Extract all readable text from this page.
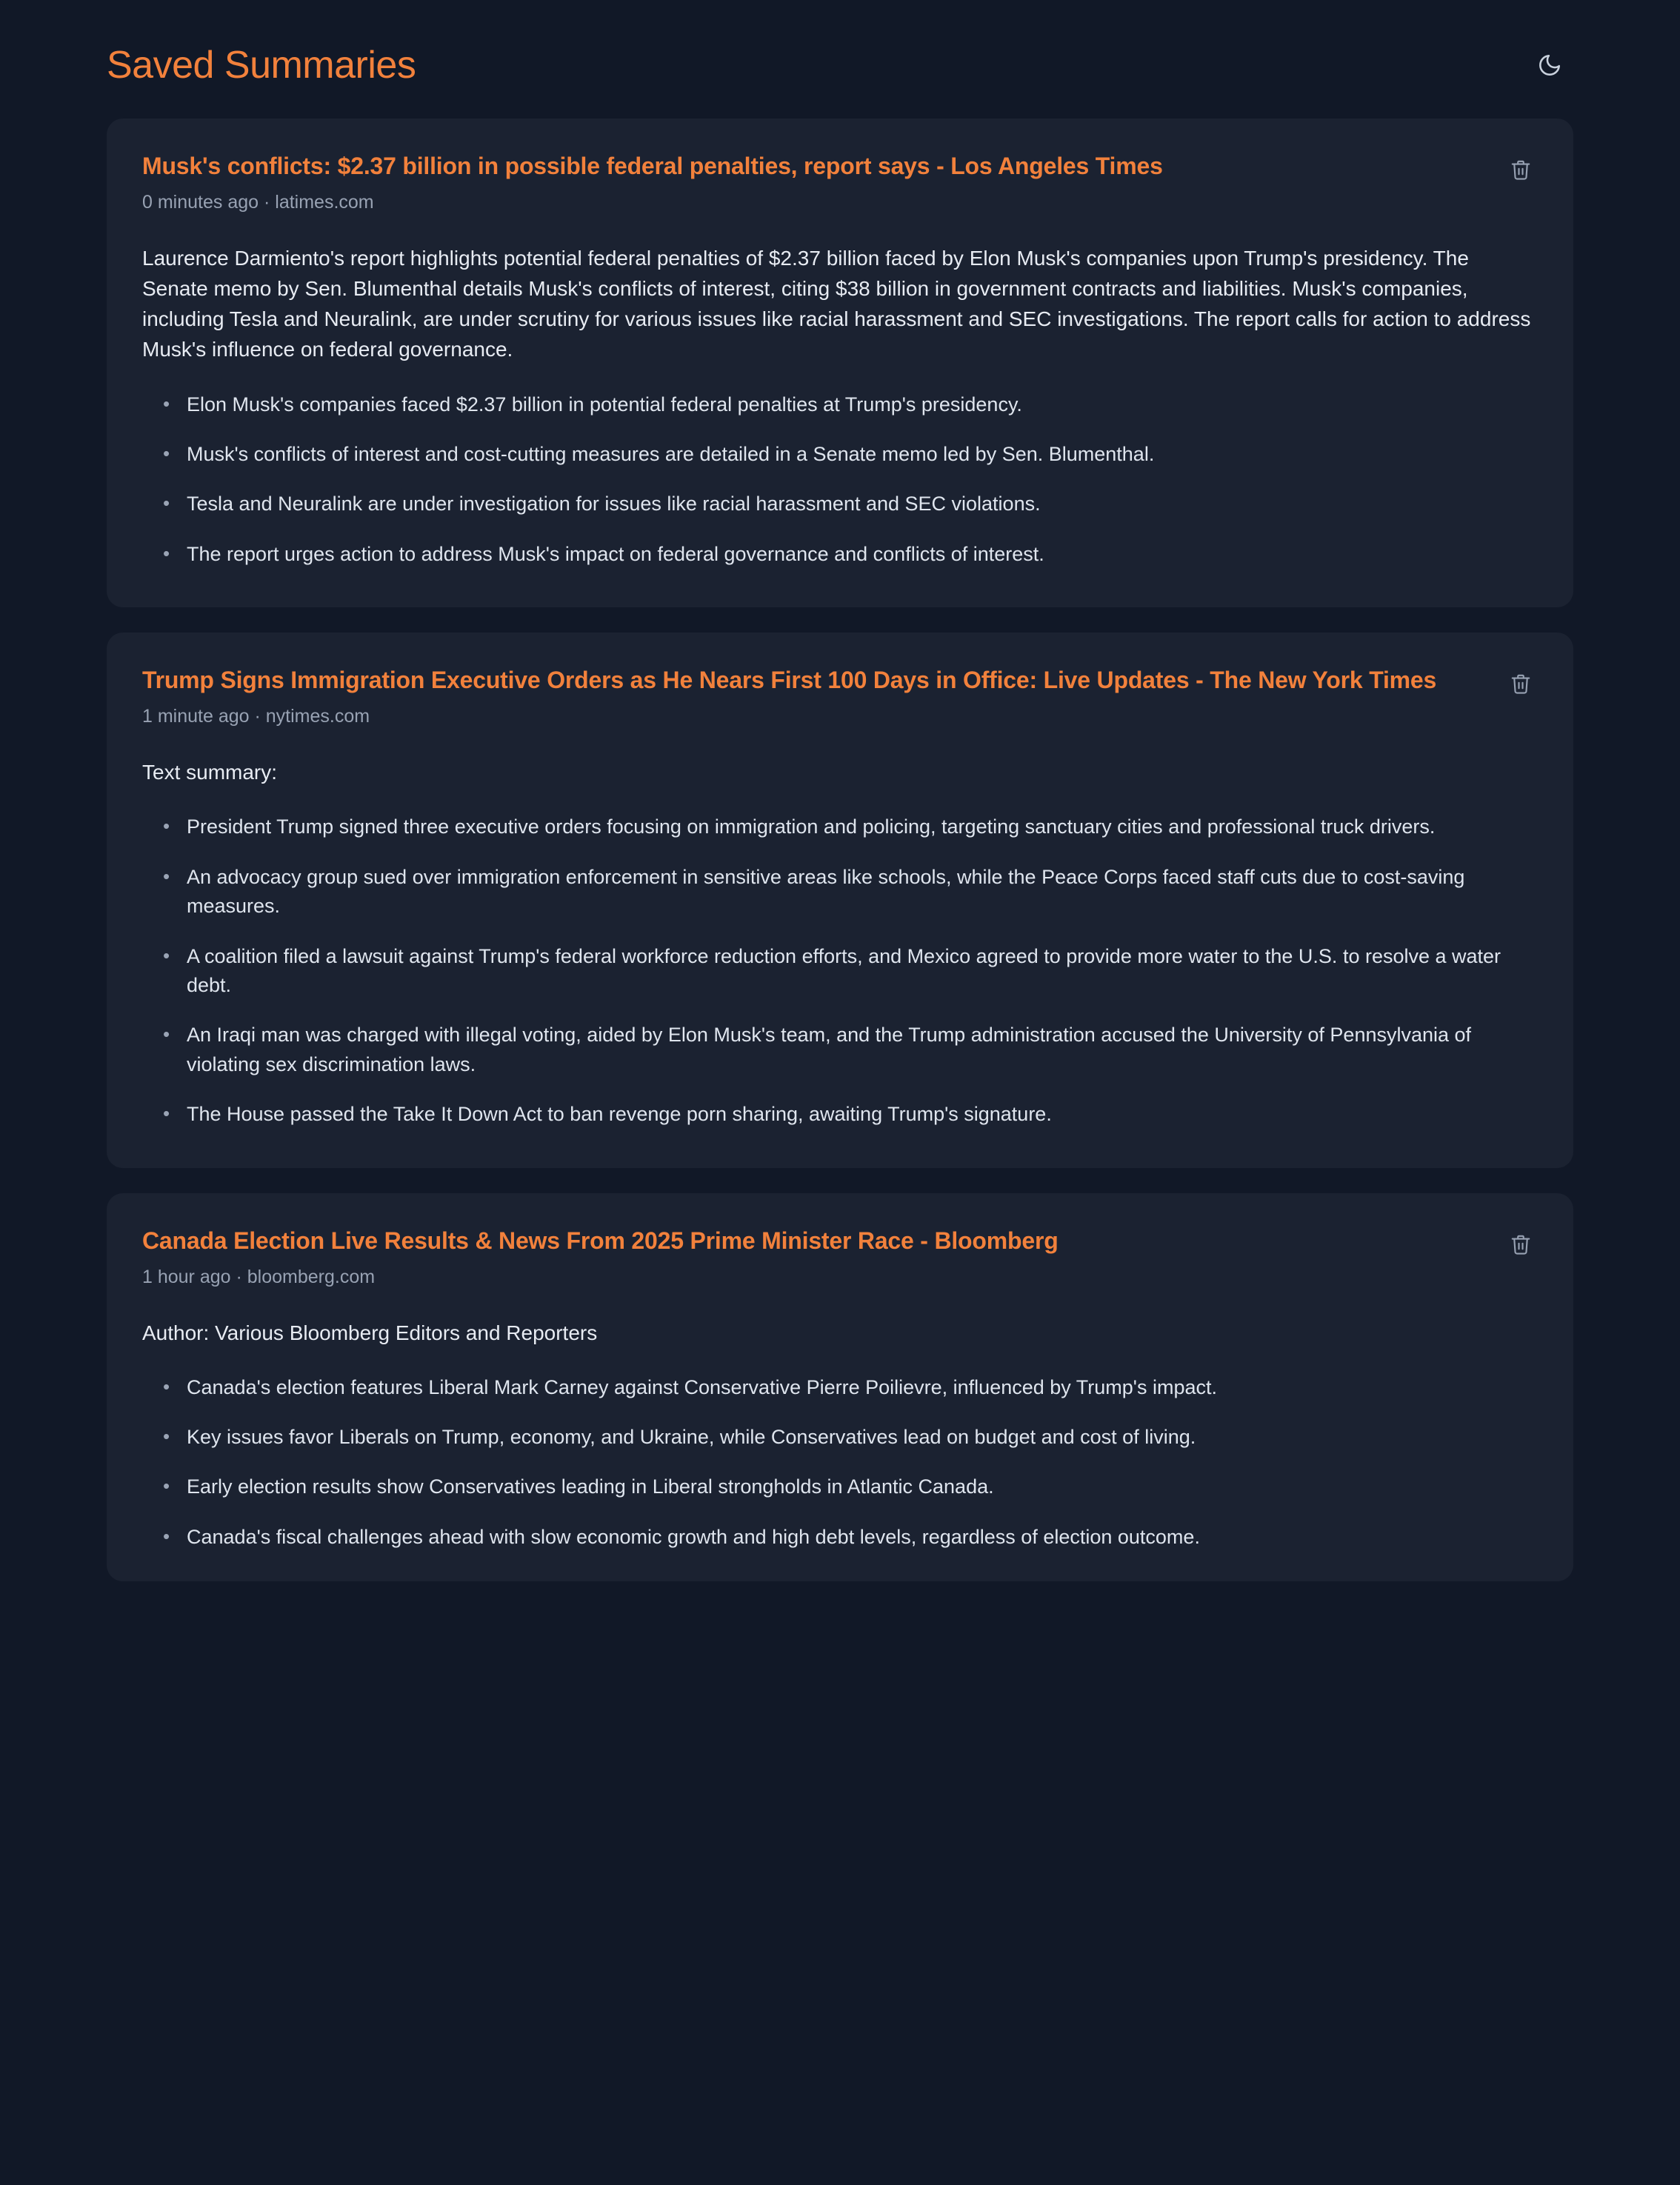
Saved Summaries
Musk's conflicts: $2.37 billion in possible federal penalties, report says - Los Angeles Times
0 minutes ago · latimes.com

Laurence Darmiento's report highlights potential federal penalties of $2.37 billion faced by Elon Musk's companies upon Trump's presidency. The Senate memo by Sen. Blumenthal details Musk's conflicts of interest, citing $38 billion in government contracts and liabilities. Musk's companies, including Tesla and Neuralink, are under scrutiny for various issues like racial harassment and SEC investigations. The report calls for action to address Musk's influence on federal governance.

• Elon Musk's companies faced $2.37 billion in potential federal penalties at Trump's presidency.
• Musk's conflicts of interest and cost-cutting measures are detailed in a Senate memo led by Sen. Blumenthal.
• Tesla and Neuralink are under investigation for issues like racial harassment and SEC violations.
• The report urges action to address Musk's impact on federal governance and conflicts of interest.
Trump Signs Immigration Executive Orders as He Nears First 100 Days in Office: Live Updates - The New York Times
1 minute ago · nytimes.com

Text summary:

• President Trump signed three executive orders focusing on immigration and policing, targeting sanctuary cities and professional truck drivers.
• An advocacy group sued over immigration enforcement in sensitive areas like schools, while the Peace Corps faced staff cuts due to cost-saving measures.
• A coalition filed a lawsuit against Trump's federal workforce reduction efforts, and Mexico agreed to provide more water to the U.S. to resolve a water debt.
• An Iraqi man was charged with illegal voting, aided by Elon Musk's team, and the Trump administration accused the University of Pennsylvania of violating sex discrimination laws.
• The House passed the Take It Down Act to ban revenge porn sharing, awaiting Trump's signature.
Canada Election Live Results & News From 2025 Prime Minister Race - Bloomberg
1 hour ago · bloomberg.com

Author: Various Bloomberg Editors and Reporters

• Canada's election features Liberal Mark Carney against Conservative Pierre Poilievre, influenced by Trump's impact.
• Key issues favor Liberals on Trump, economy, and Ukraine, while Conservatives lead on budget and cost of living.
• Early election results show Conservatives leading in Liberal strongholds in Atlantic Canada.
• Canada's fiscal challenges ahead with slow economic growth and high debt levels, regardless of election outcome.
